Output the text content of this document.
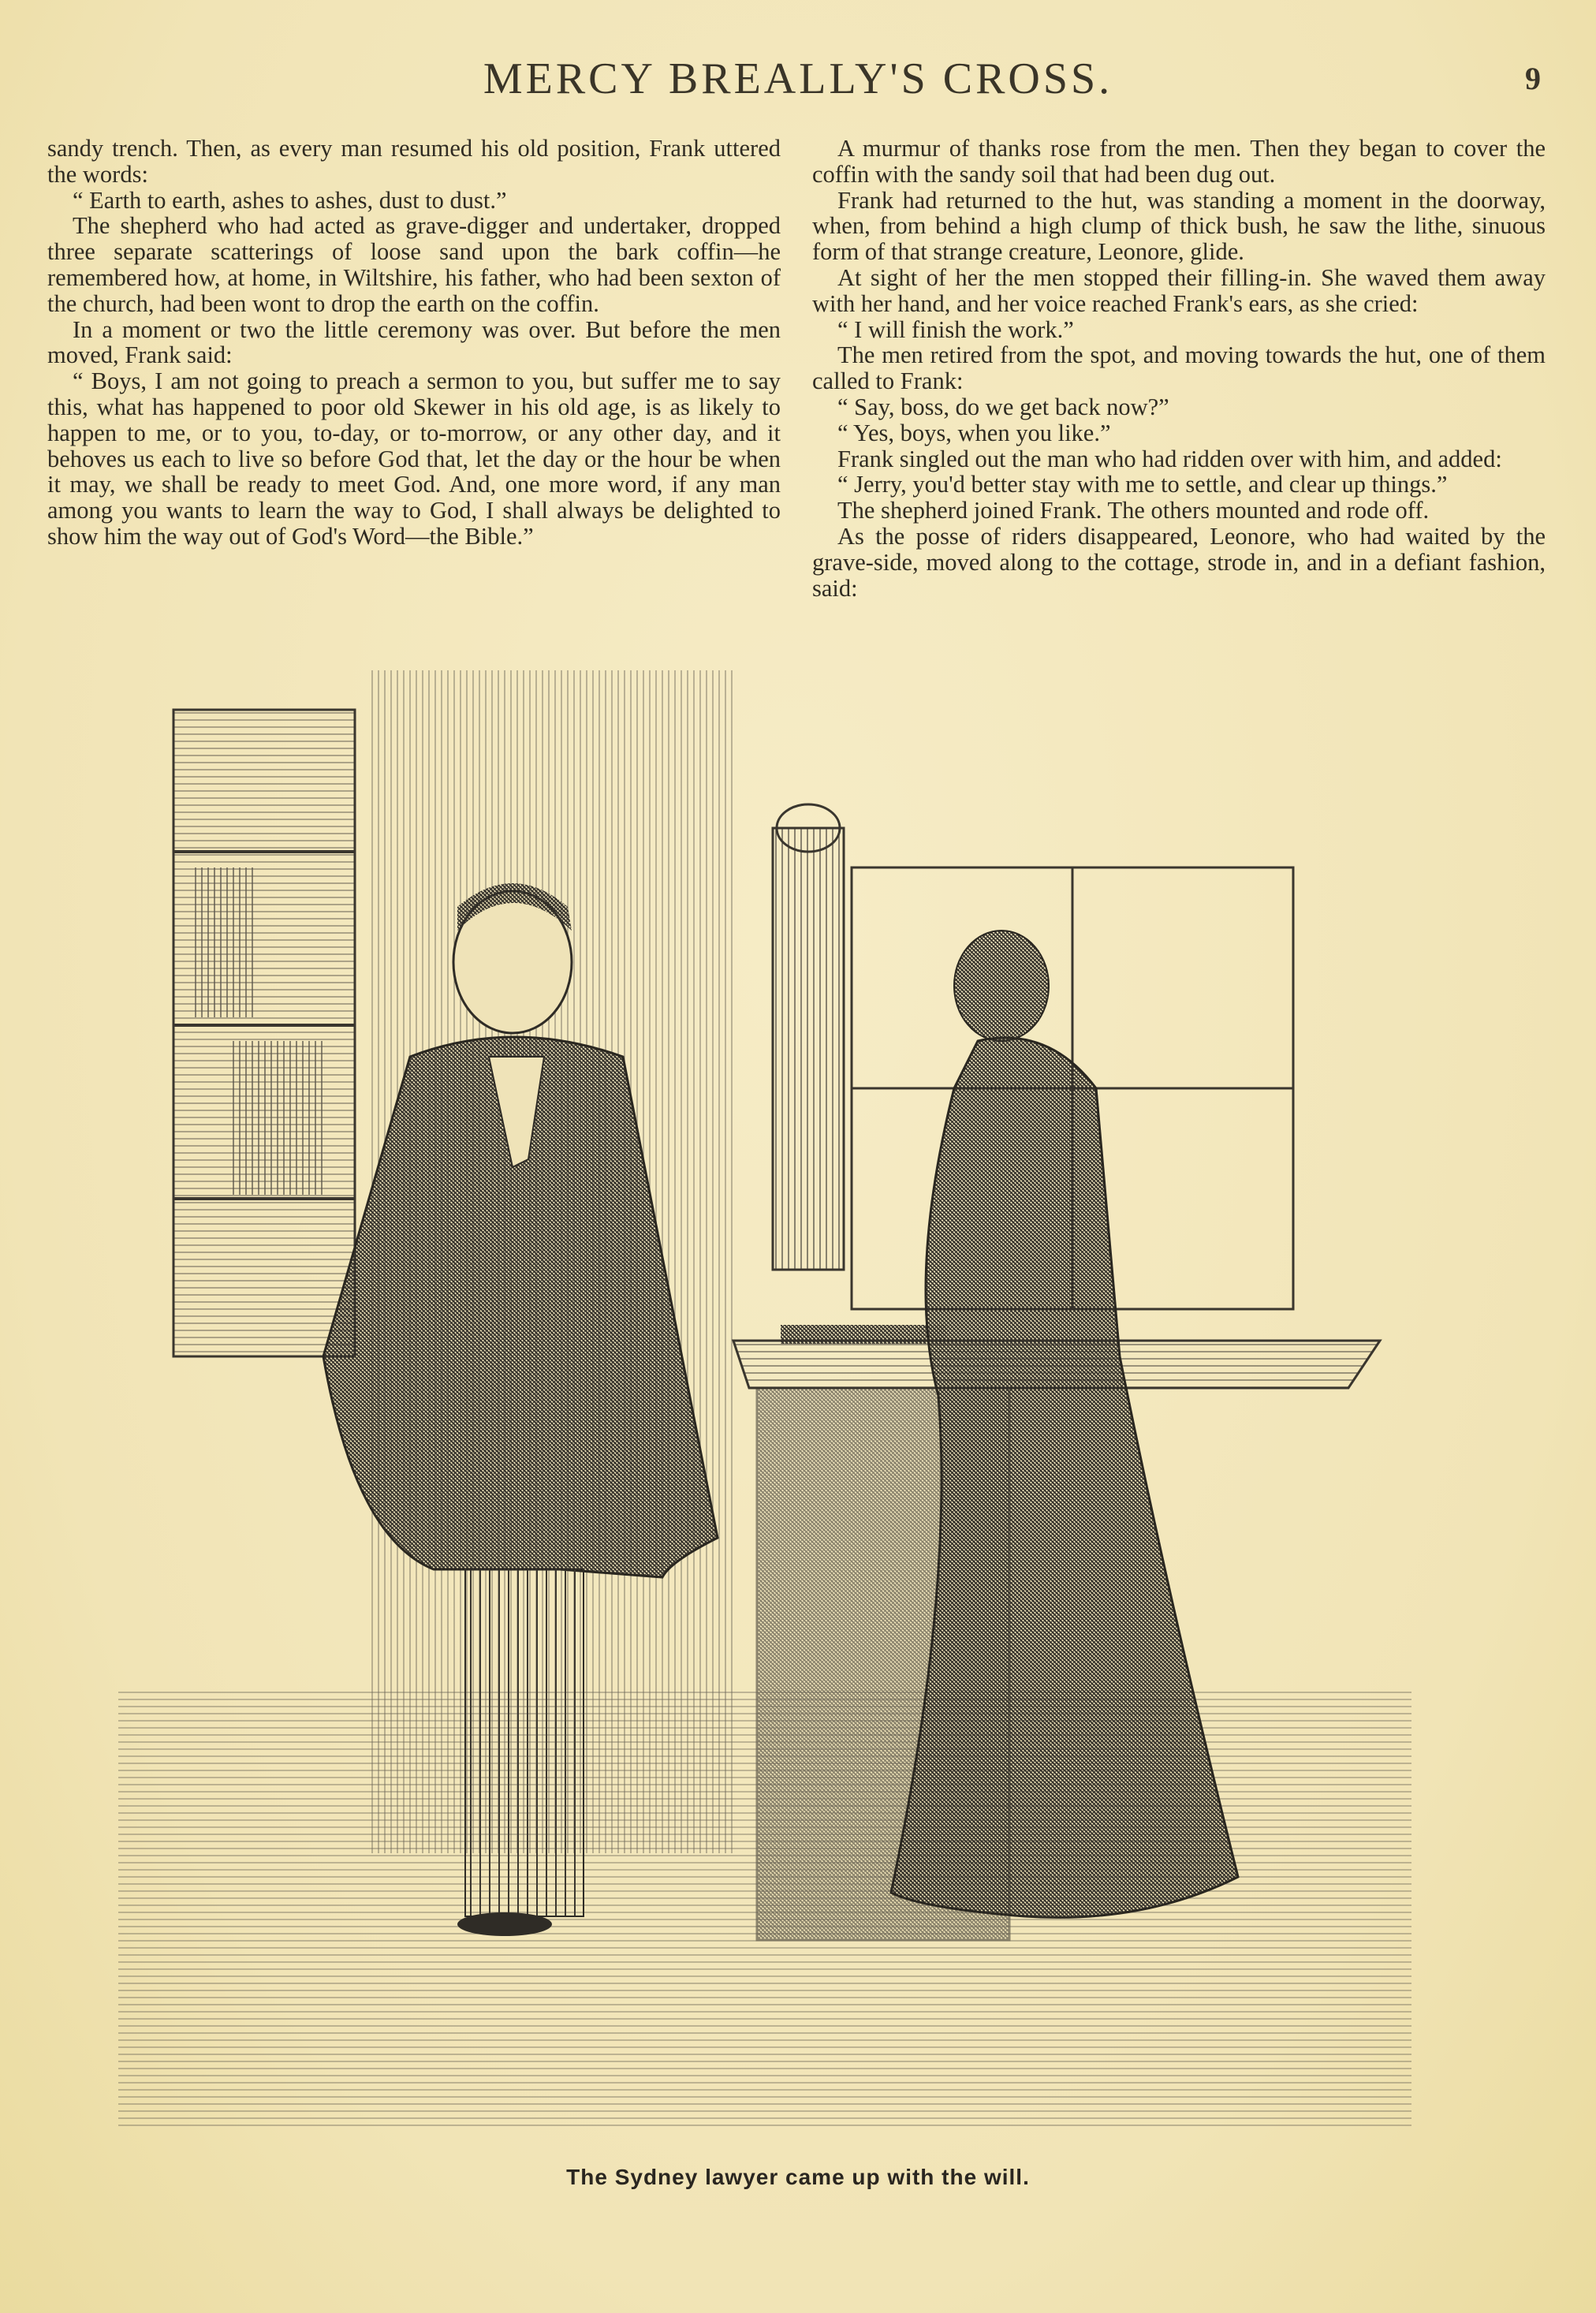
MERCY BREALLY'S CROSS.	9

sandy trench. Then, as every man resumed his old position, Frank uttered the words:

“ Earth to earth, ashes to ashes, dust to dust.”

The shepherd who had acted as grave-digger and undertaker, dropped three separate scatterings of loose sand upon the bark coffin—he remembered how, at home, in Wiltshire, his father, who had been sexton of the church, had been wont to drop the earth on the coffin.

In a moment or two the little ceremony was over. But before the men moved, Frank said:

“ Boys, I am not going to preach a sermon to you, but suffer me to say this, what has happened to poor old Skewer in his old age, is as likely to happen to me, or to you, to-day, or to-morrow, or any other day, and it behoves us each to live so before God that, let the day or the hour be when it may, we shall be ready to meet God. And, one more word, if any man among you wants to learn the way to God, I shall always be delighted to show him the way out of God's Word—the Bible.”

A murmur of thanks rose from the men. Then they began to cover the coffin with the sandy soil that had been dug out.

Frank had returned to the hut, was standing a moment in the doorway, when, from behind a high clump of thick bush, he saw the lithe, sinuous form of that strange creature, Leonore, glide.

At sight of her the men stopped their filling-in. She waved them away with her hand, and her voice reached Frank's ears, as she cried:

“ I will finish the work.”

The men retired from the spot, and moving towards the hut, one of them called to Frank:

“ Say, boss, do we get back now?”

“ Yes, boys, when you like.”

Frank singled out the man who had ridden over with him, and added:

“ Jerry, you'd better stay with me to settle, and clear up things.”

The shepherd joined Frank. The others mounted and rode off.

As the posse of riders disappeared, Leonore, who had waited by the grave-side, moved along to the cottage, strode in, and in a defiant fashion, said:

The Sydney lawyer came up with the will.
